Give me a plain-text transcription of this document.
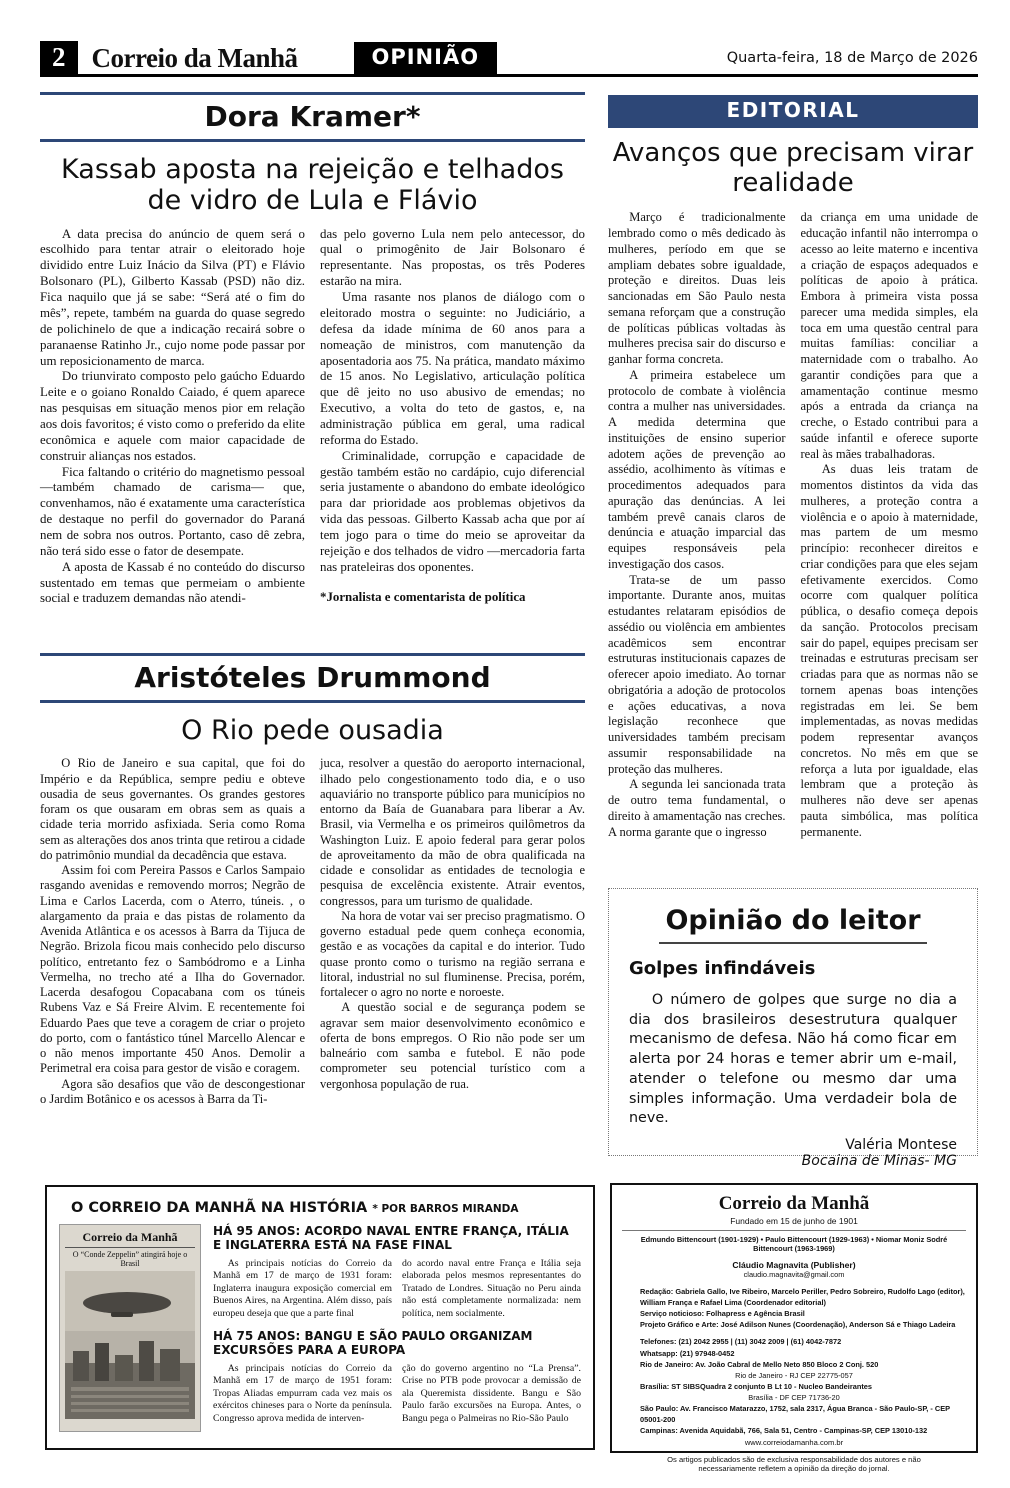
2 Correio da Manhã	OPINIÃO	Quarta-feira, 18 de Março de 2026
Dora Kramer*
Kassab aposta na rejeição e telhados de vidro de Lula e Flávio

A data precisa do anúncio de quem será o escolhido para tentar atrair o eleitorado hoje dividido entre Luiz Inácio da Silva (PT) e Flávio Bolsonaro (PL), Gilberto Kassab (PSD) não diz. Fica naquilo que já se sabe: “Será até o fim do mês”, repete, também na guarda do quase segredo de polichinelo de que a indicação recairá sobre o paranaense Ratinho Jr., cujo nome pode passar por um reposicionamento de marca.

Do triunvirato composto pelo gaúcho Eduardo Leite e o goiano Ronaldo Caiado, é quem aparece nas pesquisas em situação menos pior em relação aos dois favoritos; é visto como o preferido da elite econômica e aquele com maior capacidade de construir alianças nos estados.

Fica faltando o critério do magnetismo pessoal —também chamado de carisma— que, convenhamos, não é exatamente uma característica de destaque no perfil do governador do Paraná nem de sobra nos outros. Portanto, caso dê zebra, não terá sido esse o fator de desempate.

A aposta de Kassab é no conteúdo do discurso sustentado em temas que permeiam o ambiente social e traduzem demandas não atendi-

das pelo governo Lula nem pelo antecessor, do qual o primogênito de Jair Bolsonaro é representante. Nas propostas, os três Poderes estarão na mira.

Uma rasante nos planos de diálogo com o eleitorado mostra o seguinte: no Judiciário, a defesa da idade mínima de 60 anos para a nomeação de ministros, com manutenção da aposentadoria aos 75. Na prática, mandato máximo de 15 anos. No Legislativo, articulação política que dê jeito no uso abusivo de emendas; no Executivo, a volta do teto de gastos, e, na administração pública em geral, uma radical reforma do Estado.

Criminalidade, corrupção e capacidade de gestão também estão no cardápio, cujo diferencial seria justamente o abandono do embate ideológico para dar prioridade aos problemas objetivos da vida das pessoas. Gilberto Kassab acha que por aí tem jogo para o time do meio se aproveitar da rejeição e dos telhados de vidro —mercadoria farta nas prateleiras dos oponentes.

*Jornalista e comentarista de política

Aristóteles Drummond
O Rio pede ousadia

O Rio de Janeiro e sua capital, que foi do Império e da República, sempre pediu e obteve ousadia de seus governantes. Os grandes gestores foram os que ousaram em obras sem as quais a cidade teria morrido asfixiada. Seria como Roma sem as alterações dos anos trinta que retirou a cidade do patrimônio mundial da decadência que estava.

Assim foi com Pereira Passos e Carlos Sampaio rasgando avenidas e removendo morros; Negrão de Lima e Carlos Lacerda, com o Aterro, túneis. , o alargamento da praia e das pistas de rolamento da Avenida Atlântica e os acessos à Barra da Tijuca de Negrão. Brizola ficou mais conhecido pelo discurso político, entretanto fez o Sambódromo e a Linha Vermelha, no trecho até a Ilha do Governador. Lacerda desafogou Copacabana com os túneis Rubens Vaz e Sá Freire Alvim. E recentemente foi Eduardo Paes que teve a coragem de criar o projeto do porto, com o fantástico túnel Marcello Alencar e o não menos importante 450 Anos. Demolir a Perimetral era coisa para gestor de visão e coragem.

Agora são desafios que vão de descongestionar o Jardim Botânico e os acessos à Barra da Ti-

juca, resolver a questão do aeroporto internacional, ilhado pelo congestionamento todo dia, e o uso aquaviário no transporte público para municípios no entorno da Baía de Guanabara para liberar a Av. Brasil, via Vermelha e os primeiros quilômetros da Washington Luiz. E apoio federal para gerar polos de aproveitamento da mão de obra qualificada na cidade e consolidar as entidades de tecnologia e pesquisa de excelência existente. Atrair eventos, congressos, para um turismo de qualidade.

Na hora de votar vai ser preciso pragmatismo. O governo estadual pede quem conheça economia, gestão e as vocações da capital e do interior. Tudo quase pronto como o turismo na região serrana e litoral, industrial no sul fluminense. Precisa, porém, fortalecer o agro no norte e noroeste.

A questão social e de segurança podem se agravar sem maior desenvolvimento econômico e oferta de bons empregos. O Rio não pode ser um balneário com samba e futebol. E não pode comprometer seu potencial turístico com a vergonhosa população de rua.

EDITORIAL
Avanços que precisam virar realidade

Março é tradicionalmente lembrado como o mês dedicado às mulheres, período em que se ampliam debates sobre igualdade, proteção e direitos. Duas leis sancionadas em São Paulo nesta semana reforçam que a construção de políticas públicas voltadas às mulheres precisa sair do discurso e ganhar forma concreta.

A primeira estabelece um protocolo de combate à violência contra a mulher nas universidades. A medida determina que instituições de ensino superior adotem ações de prevenção ao assédio, acolhimento às vítimas e procedimentos adequados para apuração das denúncias. A lei também prevê canais claros de denúncia e atuação imparcial das equipes responsáveis pela investigação dos casos.

Trata-se de um passo importante. Durante anos, muitas estudantes relataram episódios de assédio ou violência em ambientes acadêmicos sem encontrar estruturas institucionais capazes de oferecer apoio imediato. Ao tornar obrigatória a adoção de protocolos e ações educativas, a nova legislação reconhece que universidades também precisam assumir responsabilidade na proteção das mulheres.

A segunda lei sancionada trata de outro tema fundamental, o direito à amamentação nas creches. A norma garante que o ingresso

da criança em uma unidade de educação infantil não interrompa o acesso ao leite materno e incentiva a criação de espaços adequados e políticas de apoio à prática. Embora à primeira vista possa parecer uma medida simples, ela toca em uma questão central para muitas famílias: conciliar a maternidade com o trabalho. Ao garantir condições para que a amamentação continue mesmo após a entrada da criança na creche, o Estado contribui para a saúde infantil e oferece suporte real às mães trabalhadoras.

As duas leis tratam de momentos distintos da vida das mulheres, a proteção contra a violência e o apoio à maternidade, mas partem de um mesmo princípio: reconhecer direitos e criar condições para que eles sejam efetivamente exercidos. Como ocorre com qualquer política pública, o desafio começa depois da sanção. Protocolos precisam sair do papel, equipes precisam ser treinadas e estruturas precisam ser criadas para que as normas não se tornem apenas boas intenções registradas em lei. Se bem implementadas, as novas medidas podem representar avanços concretos. No mês em que se reforça a luta por igualdade, elas lembram que a proteção às mulheres não deve ser apenas pauta simbólica, mas política permanente.

Opinião do leitor
Golpes infindáveis

O número de golpes que surge no dia a dia dos brasileiros desestrutura qualquer mecanismo de defesa. Não há como ficar em alerta por 24 horas e temer abrir um e-mail, atender o telefone ou mesmo dar uma simples informação. Uma verdadeir bola de neve.

Valéria Montese

Bocaina de Minas- MG

O CORREIO DA MANHÃ NA HISTÓRIA * POR BARROS MIRANDA
Correio da Manhã
O “Conde Zeppelin” atingirá hoje o Brasil
HÁ 95 ANOS: ACORDO NAVAL ENTRE FRANÇA, ITÁLIA E INGLATERRA ESTÁ NA FASE FINAL

As principais notícias do Correio da Manhã em 17 de março de 1931 foram: Inglaterra inaugura exposição comercial em Buenos Aires, na Argentina. Além disso, país europeu deseja que que a parte final

do acordo naval entre França e Itália seja elaborada pelos mesmos representantes do Tratado de Londres. Situação no Peru ainda não está completamente normalizada: nem política, nem socialmente.

HÁ 75 ANOS: BANGU E SÃO PAULO ORGANIZAM EXCURSÕES PARA A EUROPA

As principais notícias do Correio da Manhã em 17 de março de 1951 foram: Tropas Aliadas empurram cada vez mais os exércitos chineses para o Norte da península. Congresso aprova medida de interven-

ção do governo argentino no “La Prensa”. Crise no PTB pode provocar a demissão de ala Queremista dissidente. Bangu e São Paulo farão excursões na Europa. Antes, o Bangu pega o Palmeiras no Rio-São Paulo

Correio da Manhã

Fundado em 15 de junho de 1901

Edmundo Bittencourt (1901-1929) • Paulo Bittencourt (1929-1963) • Niomar Moniz Sodré Bittencourt (1963-1969)

Cláudio Magnavita (Publisher)

claudio.magnavita@gmail.com

Redação: Gabriela Gallo, Ive Ribeiro, Marcelo Periller, Pedro Sobreiro, Rudolfo Lago (editor), William França e Rafael Lima (Coordenador editorial)

Serviço noticioso: Folhapress e Agência Brasil

Projeto Gráfico e Arte: José Adilson Nunes (Coordenação), Anderson Sá e Thiago Ladeira

Telefones: (21) 2042 2955 | (11) 3042 2009 | (61) 4042-7872

Whatsapp: (21) 97948-0452

Rio de Janeiro: Av. João Cabral de Mello Neto 850 Bloco 2 Conj. 520

Rio de Janeiro - RJ CEP 22775-057

Brasília: ST SIBSQuadra 2 conjunto B Lt 10 - Nucleo Bandeirantes

Brasília - DF CEP 71736-20

São Paulo: Av. Francisco Matarazzo, 1752, sala 2317, Água Branca - São Paulo-SP, - CEP 05001-200

Campinas: Avenida Aquidabã, 766, Sala 51, Centro - Campinas-SP, CEP 13010-132

www.correiodamanha.com.br

Os artigos publicados são de exclusiva responsabilidade dos autores e não necessariamente refletem a opinião da direção do jornal.
